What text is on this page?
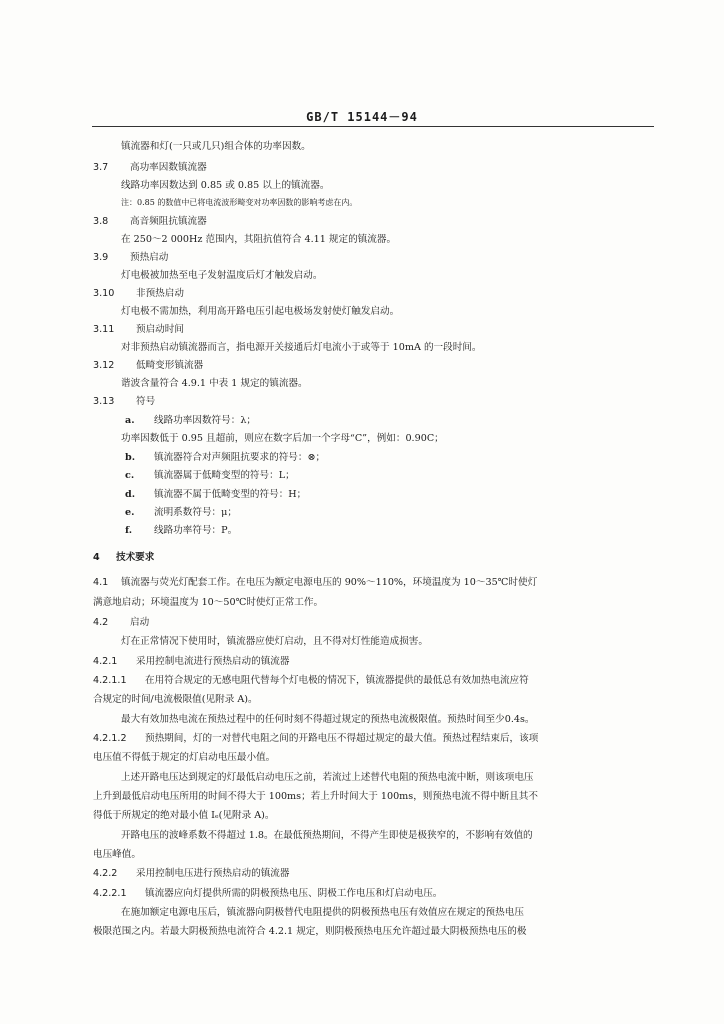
GB/T 15144－94
镇流器和灯(一只或几只)组合体的功率因数。
3.7 高功率因数镇流器
线路功率因数达到 0.85 或 0.85 以上的镇流器。
注：0.85 的数值中已将电流波形畸变对功率因数的影响考虑在内。
3.8 高音频阻抗镇流器
在 250～2 000Hz 范围内，其阻抗值符合 4.11 规定的镇流器。
3.9 预热启动
灯电极被加热至电子发射温度后灯才触发启动。
3.10 非预热启动
灯电极不需加热，利用高开路电压引起电极场发射使灯触发启动。
3.11 预启动时间
对非预热启动镇流器而言，指电源开关接通后灯电流小于或等于 10mA 的一段时间。
3.12 低畸变形镇流器
谐波含量符合 4.9.1 中表 1 规定的镇流器。
3.13 符号
a. 线路功率因数符号：λ；
功率因数低于 0.95 且超前，则应在数字后加一个字母“C”，例如：0.90C；
b. 镇流器符合对声频阻抗要求的符号：⊗；
c. 镇流器属于低畸变型的符号：L；
d. 镇流器不属于低畸变型的符号：H；
e. 流明系数符号：μ；
f. 线路功率符号：P。
4 技术要求
4.1 镇流器与荧光灯配套工作。在电压为额定电源电压的 90%～110%，环境温度为 10～35℃时使灯
满意地启动；环境温度为 10～50℃时使灯正常工作。
4.2 启动
灯在正常情况下使用时，镇流器应使灯启动，且不得对灯性能造成损害。
4.2.1 采用控制电流进行预热启动的镇流器
4.2.1.1 在用符合规定的无感电阻代替每个灯电极的情况下，镇流器提供的最低总有效加热电流应符
合规定的时间/电流极限值(见附录 A)。
最大有效加热电流在预热过程中的任何时刻不得超过规定的预热电流极限值。预热时间至少0.4s。
4.2.1.2 预热期间，灯的一对替代电阻之间的开路电压不得超过规定的最大值。预热过程结束后，该项
电压值不得低于规定的灯启动电压最小值。
上述开路电压达到规定的灯最低启动电压之前，若流过上述替代电阻的预热电流中断，则该项电压
上升到最低启动电压所用的时间不得大于 100ms；若上升时间大于 100ms，则预热电流不得中断且其不
得低于所规定的绝对最小值 Iₑ(见附录 A)。
开路电压的波峰系数不得超过 1.8。在最低预热期间，不得产生即使是极狭窄的，不影响有效值的
电压峰值。
4.2.2 采用控制电压进行预热启动的镇流器
4.2.2.1 镇流器应向灯提供所需的阴极预热电压、阴极工作电压和灯启动电压。
在施加额定电源电压后，镇流器向阴极替代电阻提供的阴极预热电压有效值应在规定的预热电压
极限范围之内。若最大阴极预热电流符合 4.2.1 规定，则阴极预热电压允许超过最大阴极预热电压的极
